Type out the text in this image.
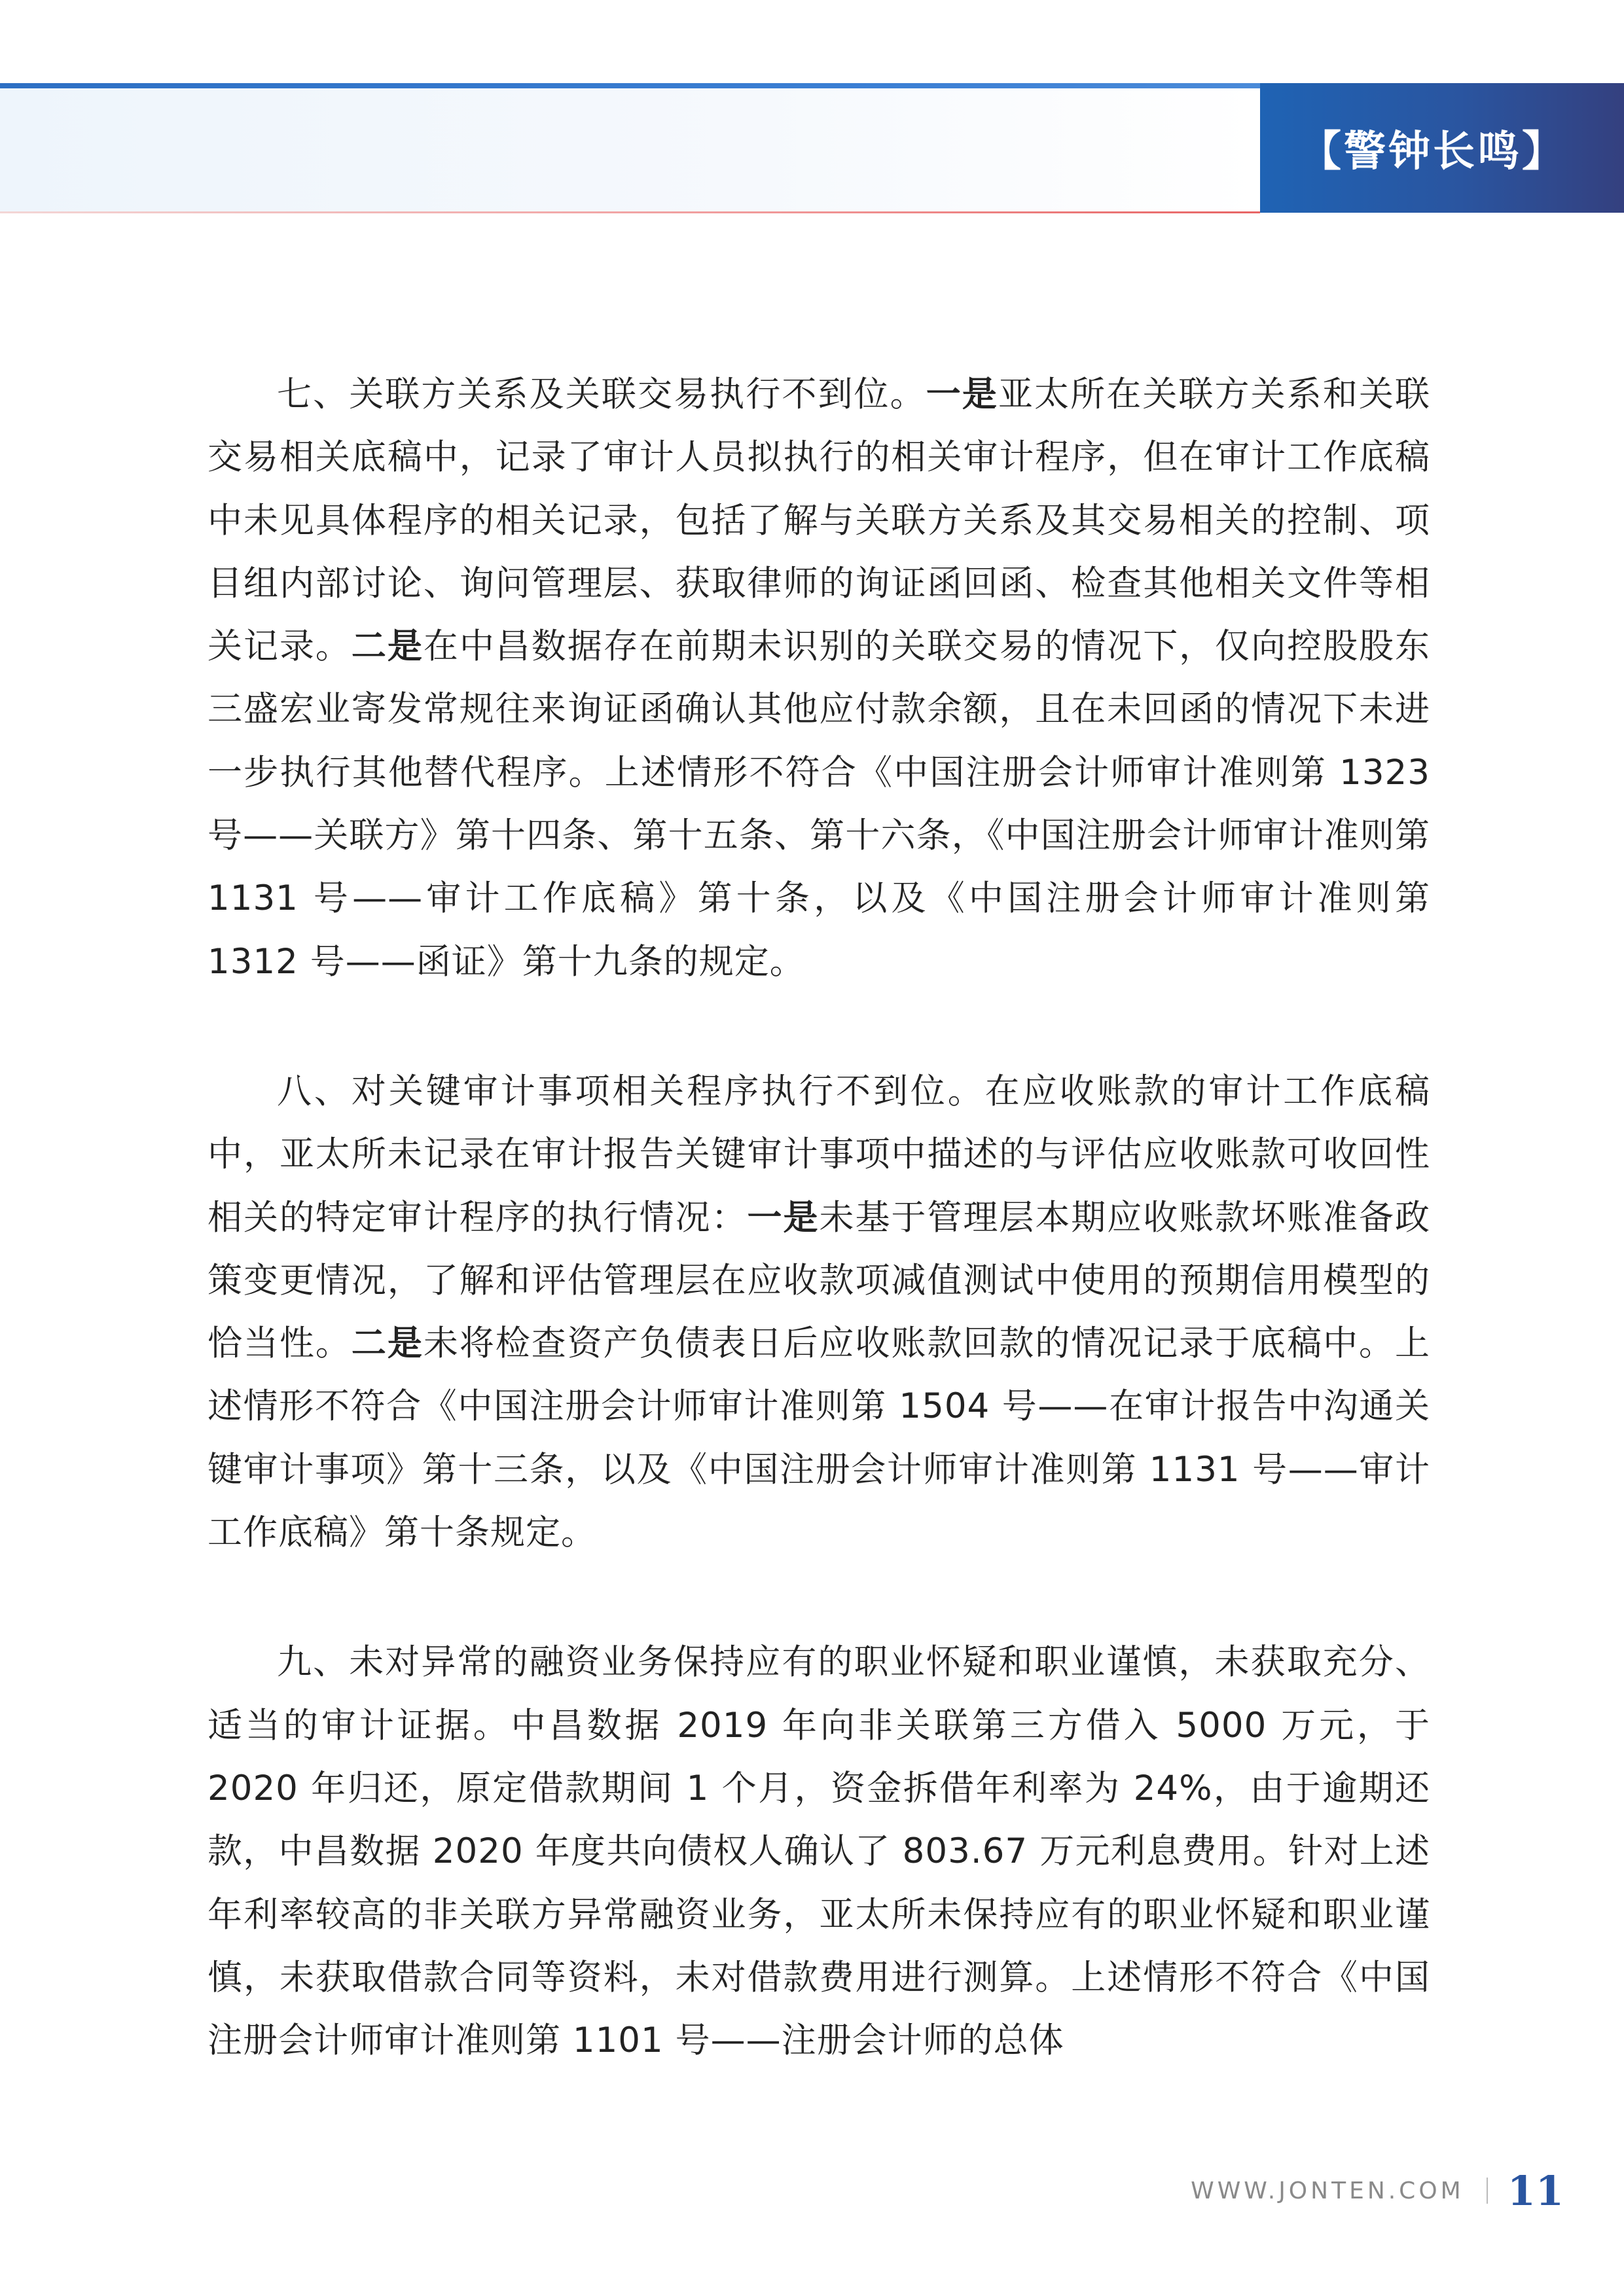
【警钟长鸣】

七、关联方关系及关联交易执行不到位。一是亚太所在关联方关系和关联交易相关底稿中，记录了审计人员拟执行的相关审计程序，但在审计工作底稿中未见具体程序的相关记录，包括了解与关联方关系及其交易相关的控制、项目组内部讨论、询问管理层、获取律师的询证函回函、检查其他相关文件等相关记录。二是在中昌数据存在前期未识别的关联交易的情况下，仅向控股股东三盛宏业寄发常规往来询证函确认其他应付款余额，且在未回函的情况下未进一步执行其他替代程序。上述情形不符合《中国注册会计师审计准则第 1323 号——关联方》第十四条、第十五条、第十六条，《中国注册会计师审计准则第 1131 号——审计工作底稿》第十条，以及《中国注册会计师审计准则第 1312 号——函证》第十九条的规定。

八、对关键审计事项相关程序执行不到位。在应收账款的审计工作底稿中，亚太所未记录在审计报告关键审计事项中描述的与评估应收账款可收回性相关的特定审计程序的执行情况：一是未基于管理层本期应收账款坏账准备政策变更情况，了解和评估管理层在应收款项减值测试中使用的预期信用模型的恰当性。二是未将检查资产负债表日后应收账款回款的情况记录于底稿中。上述情形不符合《中国注册会计师审计准则第 1504 号——在审计报告中沟通关键审计事项》第十三条，以及《中国注册会计师审计准则第 1131 号——审计工作底稿》第十条规定。

九、未对异常的融资业务保持应有的职业怀疑和职业谨慎，未获取充分、适当的审计证据。中昌数据 2019 年向非关联第三方借入 5000 万元，于 2020 年归还，原定借款期间 1 个月，资金拆借年利率为 24%，由于逾期还款，中昌数据 2020 年度共向债权人确认了 803.67 万元利息费用。针对上述年利率较高的非关联方异常融资业务，亚太所未保持应有的职业怀疑和职业谨慎，未获取借款合同等资料，未对借款费用进行测算。上述情形不符合《中国注册会计师审计准则第 1101 号——注册会计师的总体

WWW.JONTEN.COM 11
